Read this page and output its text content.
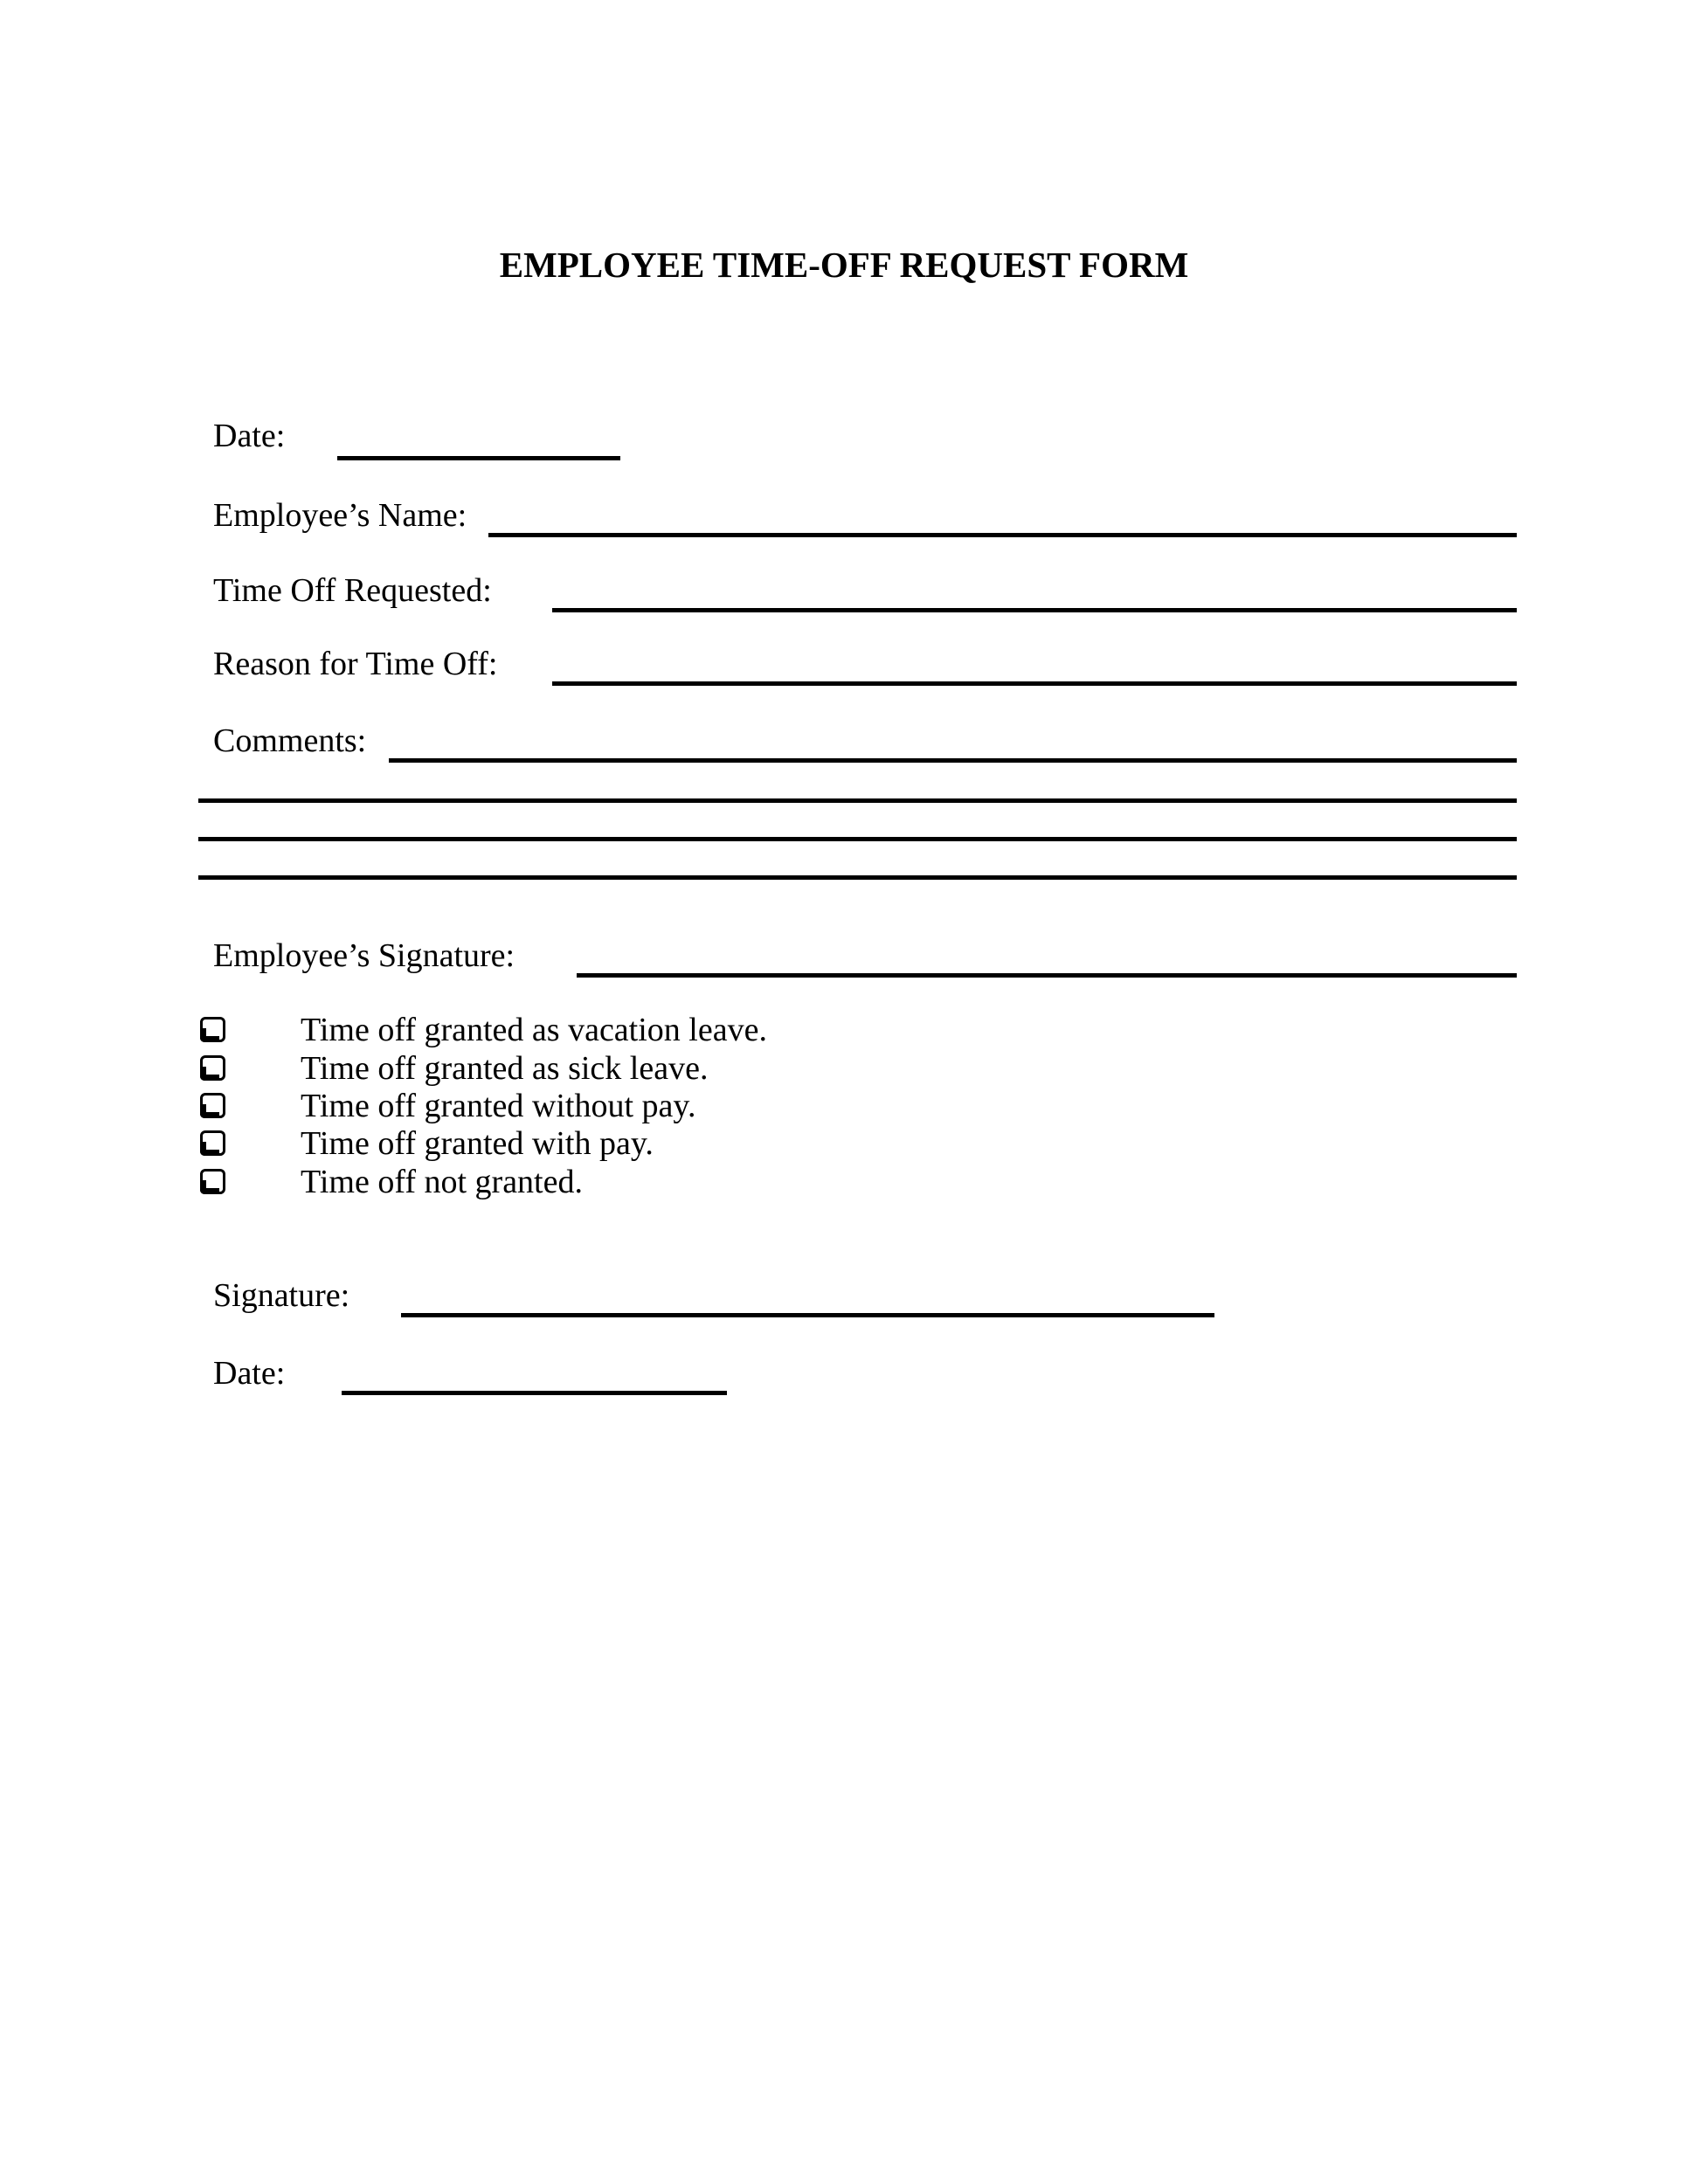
EMPLOYEE TIME-OFF REQUEST FORM
Date:
Employee’s Name:
Time Off Requested:
Reason for Time Off:
Comments:
Employee’s Signature:
Time off granted as vacation leave.
Time off granted as sick leave.
Time off granted without pay.
Time off granted with pay.
Time off not granted.
Signature:
Date:
